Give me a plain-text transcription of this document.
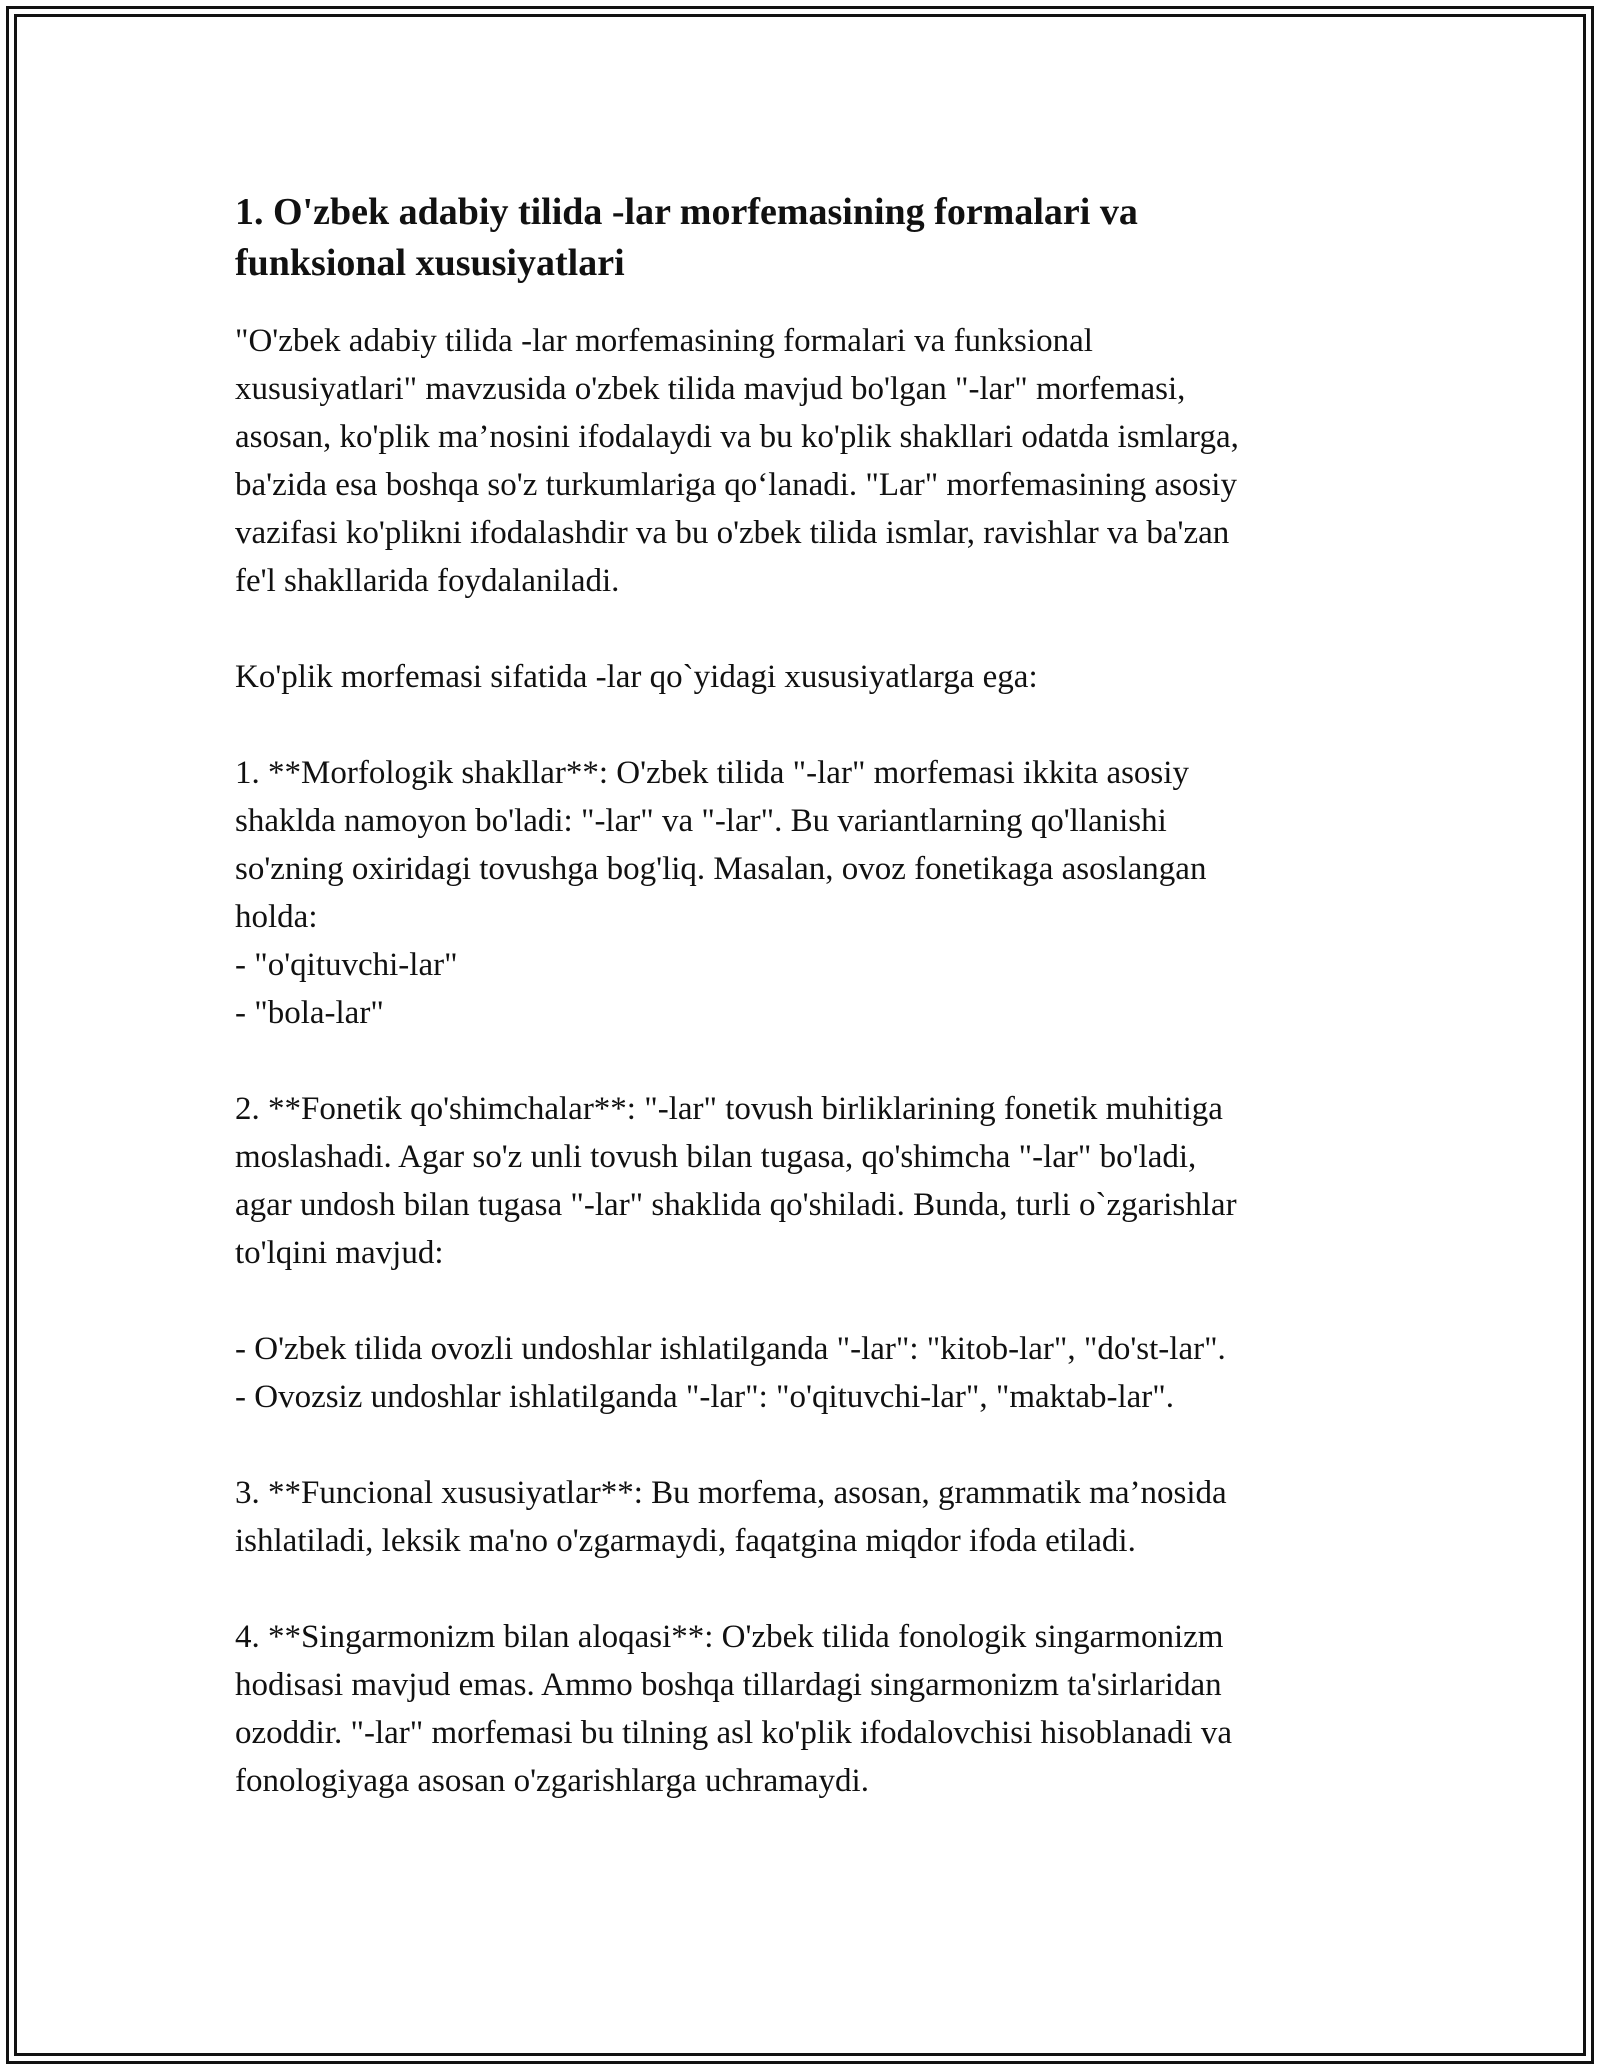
1. O'zbek adabiy tilida -lar morfemasining formalari va
funksional xususiyatlari

"O'zbek adabiy tilida -lar morfemasining formalari va funksional
xususiyatlari" mavzusida o'zbek tilida mavjud bo'lgan "-lar" morfemasi,
asosan, ko'plik ma’nosini ifodalaydi va bu ko'plik shakllari odatda ismlarga,
ba'zida esa boshqa so'z turkumlariga qo‘lanadi. "Lar" morfemasining asosiy
vazifasi ko'plikni ifodalashdir va bu o'zbek tilida ismlar, ravishlar va ba'zan
fe'l shakllarida foydalaniladi.

Ko'plik morfemasi sifatida -lar qo`yidagi xususiyatlarga ega:

1. **Morfologik shakllar**: O'zbek tilida "-lar" morfemasi ikkita asosiy
shaklda namoyon bo'ladi: "-lar" va "-lar". Bu variantlarning qo'llanishi
so'zning oxiridagi tovushga bog'liq. Masalan, ovoz fonetikaga asoslangan
holda:
- "o'qituvchi-lar"
- "bola-lar"

2. **Fonetik qo'shimchalar**: "-lar" tovush birliklarining fonetik muhitiga
moslashadi. Agar so'z unli tovush bilan tugasa, qo'shimcha "-lar" bo'ladi,
agar undosh bilan tugasa "-lar" shaklida qo'shiladi. Bunda, turli o`zgarishlar
to'lqini mavjud:

- O'zbek tilida ovozli undoshlar ishlatilganda "-lar": "kitob-lar", "do'st-lar".
- Ovozsiz undoshlar ishlatilganda "-lar": "o'qituvchi-lar", "maktab-lar".

3. **Funcional xususiyatlar**: Bu morfema, asosan, grammatik ma’nosida
ishlatiladi, leksik ma'no o'zgarmaydi, faqatgina miqdor ifoda etiladi.

4. **Singarmonizm bilan aloqasi**: O'zbek tilida fonologik singarmonizm
hodisasi mavjud emas. Ammo boshqa tillardagi singarmonizm ta'sirlaridan
ozoddir. "-lar" morfemasi bu tilning asl ko'plik ifodalovchisi hisoblanadi va
fonologiyaga asosan o'zgarishlarga uchramaydi.
